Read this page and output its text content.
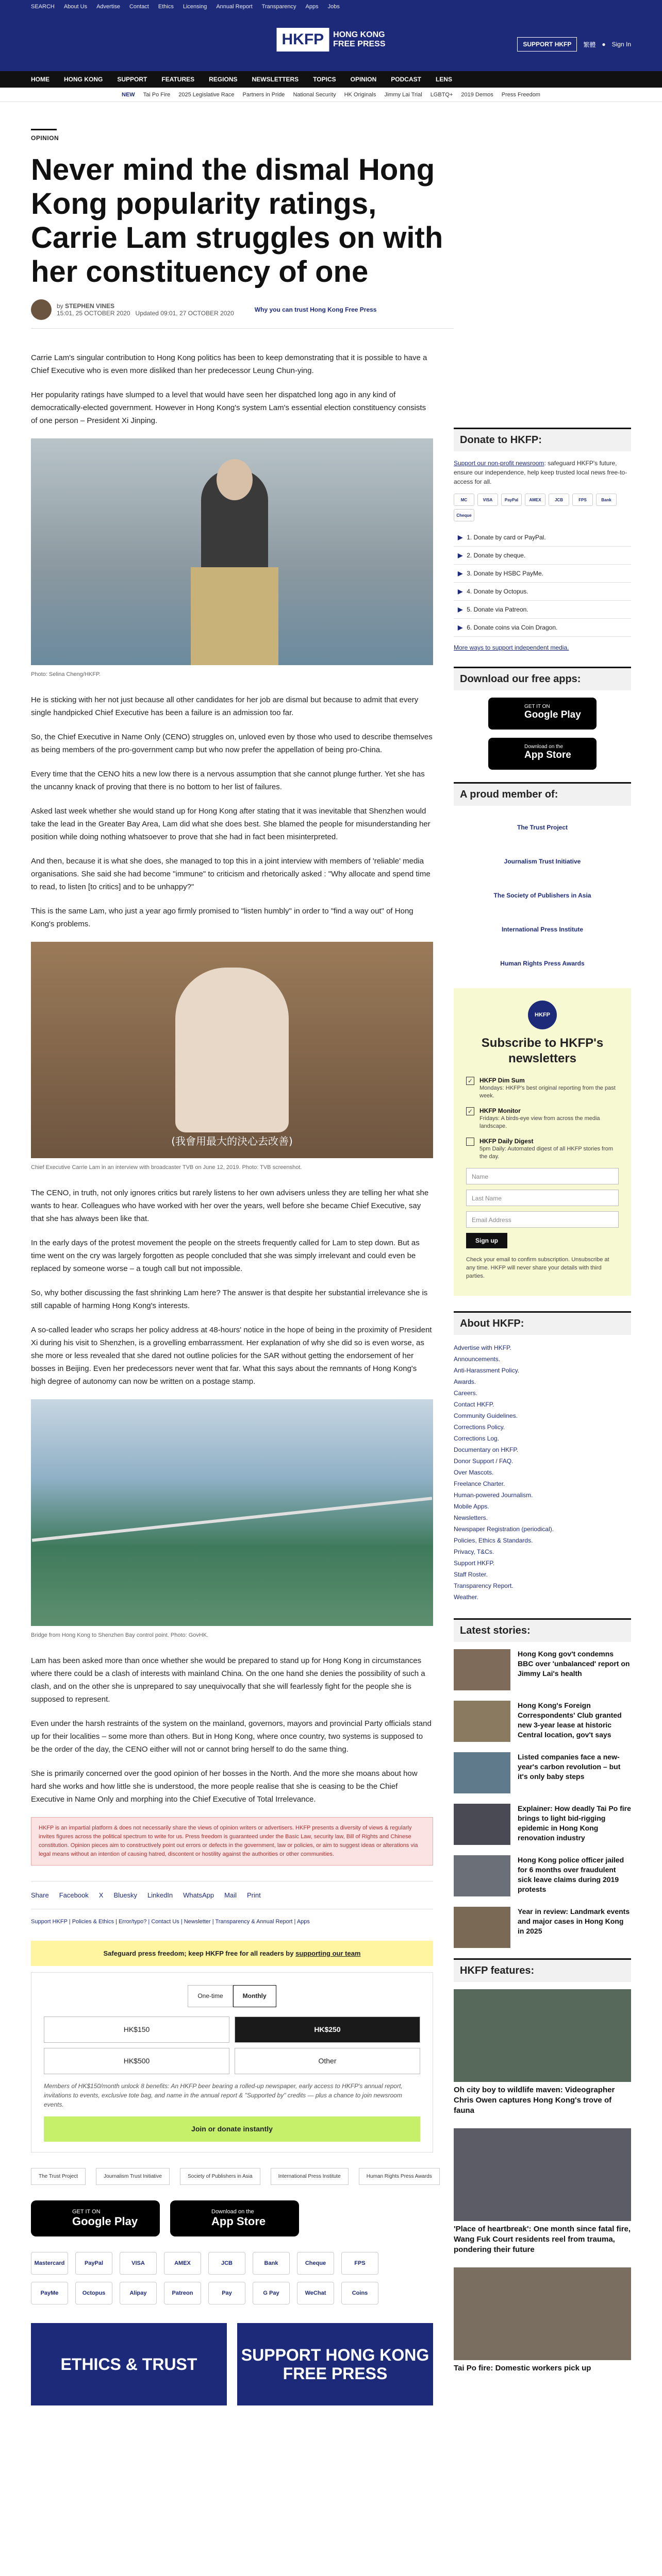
SEARCH About Us Advertise Contact Ethics Licensing Annual Report Transparency Apps Jobs
HKFP	HONG KONG
FREE PRESS	SUPPORT HKFP	繁體 ● Sign In
HOME HONG KONG SUPPORT FEATURES REGIONS NEWSLETTERS TOPICS OPINION PODCAST LENS
NEW Tai Po Fire 2025 Legislative Race Partners in Pride National Security HK Originals Jimmy Lai Trial LGBTQ+ 2019 Demos Press Freedom
OPINION
Never mind the dismal Hong Kong popularity ratings, Carrie Lam struggles on with her constituency of one
by STEPHEN VINES
15:01, 25 OCTOBER 2020 Updated 09:01, 27 OCTOBER 2020	Why you can trust Hong Kong Free Press

Carrie Lam's singular contribution to Hong Kong politics has been to keep demonstrating that it is possible to have a Chief Executive who is even more disliked than her predecessor Leung Chun-ying.

Her popularity ratings have slumped to a level that would have seen her dispatched long ago in any kind of democratically-elected government. However in Hong Kong's system Lam's essential election constituency consists of one person – President Xi Jinping.

Photo: Selina Cheng/HKFP.

He is sticking with her not just because all other candidates for her job are dismal but because to admit that every single handpicked Chief Executive has been a failure is an admission too far.

So, the Chief Executive in Name Only (CENO) struggles on, unloved even by those who used to describe themselves as being members of the pro-government camp but who now prefer the appellation of being pro-China.

Every time that the CENO hits a new low there is a nervous assumption that she cannot plunge further. Yet she has the uncanny knack of proving that there is no bottom to her list of failures.

Asked last week whether she would stand up for Hong Kong after stating that it was inevitable that Shenzhen would take the lead in the Greater Bay Area, Lam did what she does best. She blamed the people for misunderstanding her position while doing nothing whatsoever to prove that she had in fact been misinterpreted.

And then, because it is what she does, she managed to top this in a joint interview with members of 'reliable' media organisations. She said she had become "immune" to criticism and rhetorically asked : "Why allocate and spend time to read, to listen [to critics] and to be unhappy?"

This is the same Lam, who just a year ago firmly promised to "listen humbly" in order to "find a way out" of Hong Kong's problems.

(我會用最大的決心去改善)
Chief Executive Carrie Lam in an interview with broadcaster TVB on June 12, 2019. Photo: TVB screenshot.

The CENO, in truth, not only ignores critics but rarely listens to her own advisers unless they are telling her what she wants to hear. Colleagues who have worked with her over the years, well before she became Chief Executive, say that she has always been like that.

In the early days of the protest movement the people on the streets frequently called for Lam to step down. But as time went on the cry was largely forgotten as people concluded that she was simply irrelevant and could even be replaced by someone worse – a tough call but not impossible.

So, why bother discussing the fast shrinking Lam here? The answer is that despite her substantial irrelevance she is still capable of harming Hong Kong's interests.

A so-called leader who scraps her policy address at 48-hours' notice in the hope of being in the proximity of President Xi during his visit to Shenzhen, is a grovelling embarrassment. Her explanation of why she did so is even worse, as she more or less revealed that she dared not outline policies for the SAR without getting the endorsement of her bosses in Beijing. Even her predecessors never went that far. What this says about the remnants of Hong Kong's high degree of autonomy can now be written on a postage stamp.

Bridge from Hong Kong to Shenzhen Bay control point. Photo: GovHK.

Lam has been asked more than once whether she would be prepared to stand up for Hong Kong in circumstances where there could be a clash of interests with mainland China. On the one hand she denies the possibility of such a clash, and on the other she is unprepared to say unequivocally that she will fearlessly fight for the people she is supposed to represent.

Even under the harsh restraints of the system on the mainland, governors, mayors and provincial Party officials stand up for their localities – some more than others. But in Hong Kong, where once country, two systems is supposed to be the order of the day, the CENO either will not or cannot bring herself to do the same thing.

She is primarily concerned over the good opinion of her bosses in the North. And the more she moans about how hard she works and how little she is understood, the more people realise that she is ceasing to be the Chief Executive in Name Only and morphing into the Chief Executive of Total Irrelevance.

HKFP is an impartial platform & does not necessarily share the views of opinion writers or advertisers. HKFP presents a diversity of views & regularly invites figures across the political spectrum to write for us. Press freedom is guaranteed under the Basic Law, security law, Bill of Rights and Chinese constitution. Opinion pieces aim to constructively point out errors or defects in the government, law or policies, or aim to suggest ideas or alterations via legal means without an intention of causing hatred, discontent or hostility against the authorities or other communities.
Share Facebook X Bluesky LinkedIn WhatsApp Mail Print
Support HKFP | Policies & Ethics | Error/typo? | Contact Us | Newsletter | Transparency & Annual Report | Apps
Safeguard press freedom; keep HKFP free for all readers by supporting our team
One-time	Monthly
HK$150	HK$250
HK$500	Other
Members of HK$150/month unlock 8 benefits: An HKFP beer bearing a rolled-up newspaper, early access to HKFP's annual report, invitations to events, exclusive tote bag, and name in the annual report & "Supported by" credits — plus a chance to join newsroom events.
Join or donate instantly
The Trust Project	Journalism Trust Initiative	Society of Publishers in Asia	International Press Institute	Human Rights Press Awards
GET IT ON
Google Play
Download on the
App Store
Mastercard	PayPal	VISA	AMEX	JCB	Bank	Cheque	FPS
PayMe	Octopus	Alipay	Patreon	Pay	G Pay	WeChat	Coins
ETHICS & TRUST	SUPPORT HONG KONG FREE PRESS
Donate to HKFP:
Support our non-profit newsroom: safeguard HKFP's future, ensure our independence, help keep trusted local news free-to-access for all.
MC	VISA	PayPal	AMEX	JCB	FPS	Bank
Cheque
▶ 1. Donate by card or PayPal.
▶ 2. Donate by cheque.
▶ 3. Donate by HSBC PayMe.
▶ 4. Donate by Octopus.
▶ 5. Donate via Patreon.
▶ 6. Donate coins via Coin Dragon.
More ways to support independent media.
Download our free apps:
GET IT ON
Google Play
Download on the
App Store
A proud member of:
The Trust Project
Journalism Trust Initiative
The Society of Publishers in Asia
International Press Institute
Human Rights Press Awards
HKFP
Subscribe to HKFP's newsletters
✓ HKFP Dim Sum
Mondays: HKFP's best original reporting from the past week.
✓ HKFP Monitor
Fridays: A birds-eye view from across the media landscape.
HKFP Daily Digest
5pm Daily: Automated digest of all HKFP stories from the day.
Name
Last Name
Email Address
Sign up
Check your email to confirm subscription. Unsubscribe at any time. HKFP will never share your details with third parties.
About HKFP:
Advertise with HKFP.
Announcements.
Anti-Harassment Policy.
Awards.
Careers.
Contact HKFP.
Community Guidelines.
Corrections Policy.
Corrections Log.
Documentary on HKFP.
Donor Support / FAQ.
Over Mascots.
Freelance Charter.
Human-powered Journalism.
Mobile Apps.
Newsletters.
Newspaper Registration (periodical).
Policies, Ethics & Standards.
Privacy, T&Cs.
Support HKFP.
Staff Roster.
Transparency Report.
Weather.
Latest stories:
Hong Kong gov't condemns BBC over 'unbalanced' report on Jimmy Lai's health
Hong Kong's Foreign Correspondents' Club granted new 3-year lease at historic Central location, gov't says
Listed companies face a new-year's carbon revolution – but it's only baby steps
Explainer: How deadly Tai Po fire brings to light bid-rigging epidemic in Hong Kong renovation industry
Hong Kong police officer jailed for 6 months over fraudulent sick leave claims during 2019 protests
Year in review: Landmark events and major cases in Hong Kong in 2025
HKFP features:
Oh city boy to wildlife maven: Videographer Chris Owen captures Hong Kong's trove of fauna
'Place of heartbreak': One month since fatal fire, Wang Fuk Court residents reel from trauma, pondering their future
Tai Po fire: Domestic workers pick up
